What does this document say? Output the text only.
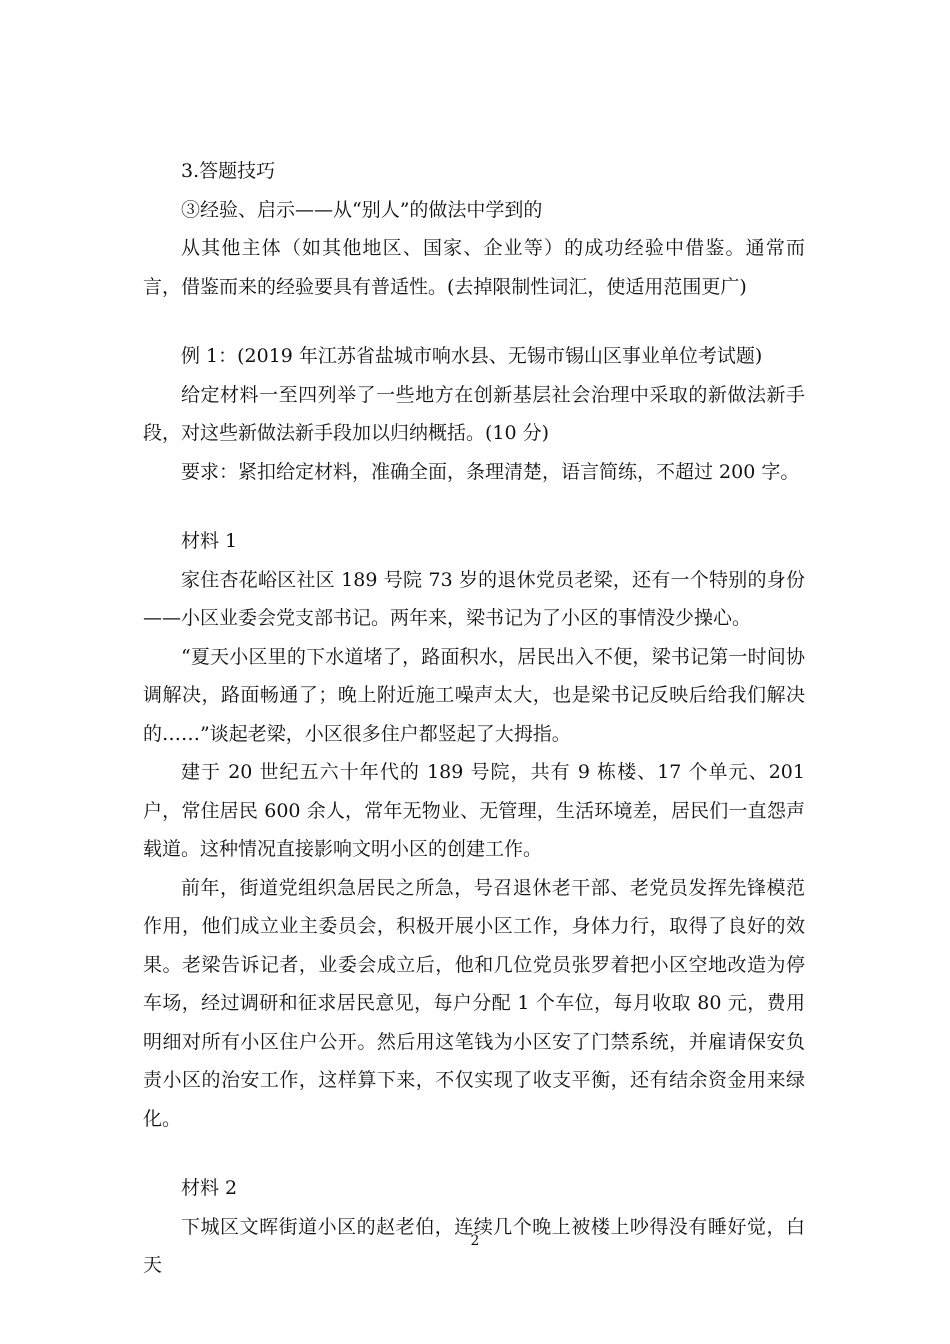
3.答题技巧

③经验、启示——从“别人”的做法中学到的

从其他主体（如其他地区、国家、企业等）的成功经验中借鉴。通常而言，借鉴而来的经验要具有普适性。(去掉限制性词汇，使适用范围更广)

例 1：(2019 年江苏省盐城市响水县、无锡市锡山区事业单位考试题)

给定材料一至四列举了一些地方在创新基层社会治理中采取的新做法新手段，对这些新做法新手段加以归纳概括。(10 分)

要求：紧扣给定材料，准确全面，条理清楚，语言简练，不超过 200 字。

材料 1

家住杏花峪区社区 189 号院 73 岁的退休党员老梁，还有一个特别的身份——小区业委会党支部书记。两年来，梁书记为了小区的事情没少操心。

“夏天小区里的下水道堵了，路面积水，居民出入不便，梁书记第一时间协调解决，路面畅通了；晚上附近施工噪声太大，也是梁书记反映后给我们解决的……”谈起老梁，小区很多住户都竖起了大拇指。

建于 20 世纪五六十年代的 189 号院，共有 9 栋楼、17 个单元、201 户，常住居民 600 余人，常年无物业、无管理，生活环境差，居民们一直怨声载道。这种情况直接影响文明小区的创建工作。

前年，街道党组织急居民之所急，号召退休老干部、老党员发挥先锋模范作用，他们成立业主委员会，积极开展小区工作，身体力行，取得了良好的效果。老梁告诉记者，业委会成立后，他和几位党员张罗着把小区空地改造为停车场，经过调研和征求居民意见，每户分配 1 个车位，每月收取 80 元，费用明细对所有小区住户公开。然后用这笔钱为小区安了门禁系统，并雇请保安负责小区的治安工作，这样算下来，不仅实现了收支平衡，还有结余资金用来绿化。

材料 2

下城区文晖街道小区的赵老伯，连续几个晚上被楼上吵得没有睡好觉，白天

2
